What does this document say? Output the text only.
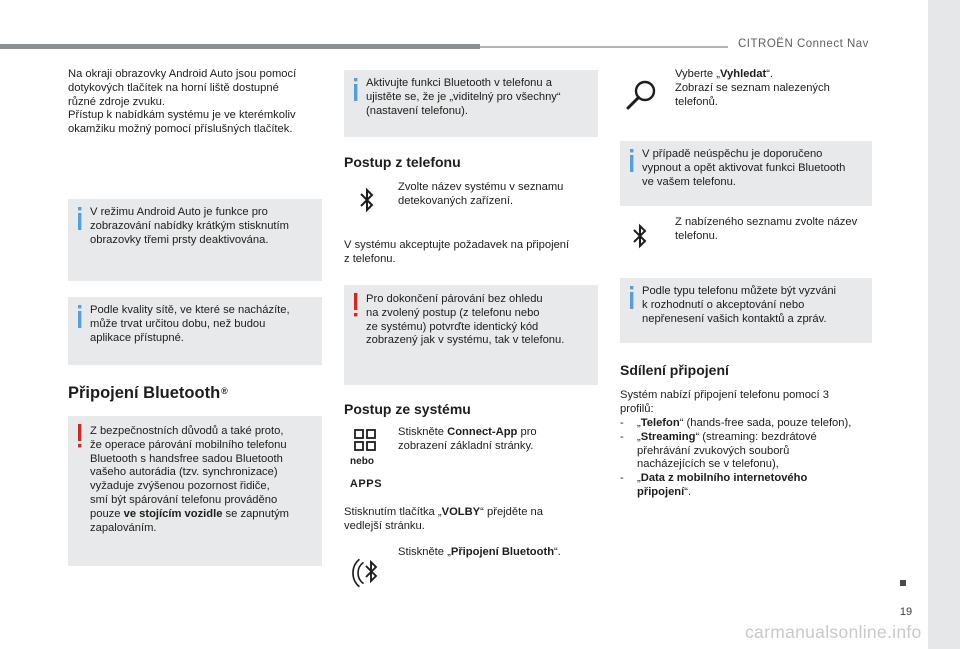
CITROËN Connect Nav
Na okraji obrazovky Android Auto jsou pomocí
dotykových tlačítek na horní liště dostupné
různé zdroje zvuku.
Přístup k nabídkám systému je ve kterémkoliv
okamžiku možný pomocí příslušných tlačítek.
V režimu Android Auto je funkce pro
zobrazování nabídky krátkým stisknutím
obrazovky třemi prsty deaktivována.
Podle kvality sítě, ve které se nacházíte,
může trvat určitou dobu, než budou
aplikace přístupné.
Připojení Bluetooth®
Z bezpečnostních důvodů a také proto,
že operace párování mobilního telefonu
Bluetooth s handsfree sadou Bluetooth
vašeho autorádia (tzv. synchronizace)
vyžaduje zvýšenou pozornost řidiče,
smí být spárování telefonu prováděno
pouze ve stojícím vozidle se zapnutým
zapalováním.
Aktivujte funkci Bluetooth v telefonu a
ujistěte se, že je „viditelný pro všechny“
(nastavení telefonu).
Postup z telefonu
Zvolte název systému v seznamu
detekovaných zařízení.
V systému akceptujte požadavek na připojení
z telefonu.
Pro dokončení párování bez ohledu
na zvolený postup (z telefonu nebo
ze systému) potvrďte identický kód
zobrazený jak v systému, tak v telefonu.
Postup ze systému
nebo
APPS
Stiskněte Connect-App pro
zobrazení základní stránky.
Stisknutím tlačítka „VOLBY“ přejděte na
vedlejší stránku.
Stiskněte „Připojení Bluetooth“.
Vyberte „Vyhledat“.
Zobrazí se seznam nalezených
telefonů.
V případě neúspěchu je doporučeno
vypnout a opět aktivovat funkci Bluetooth
ve vašem telefonu.
Z nabízeného seznamu zvolte název
telefonu.
Podle typu telefonu můžete být vyzváni
k rozhodnutí o akceptování nebo
nepřenesení vašich kontaktů a zpráv.
Sdílení připojení
Systém nabízí připojení telefonu pomocí 3
profilů:
- „Telefon“ (hands-free sada, pouze telefon),
- „Streaming“ (streaming: bezdrátové
přehrávání zvukových souborů
nacházejících se v telefonu),
- „Data z mobilního internetového
připojení“.
19
carmanualsonline.info
